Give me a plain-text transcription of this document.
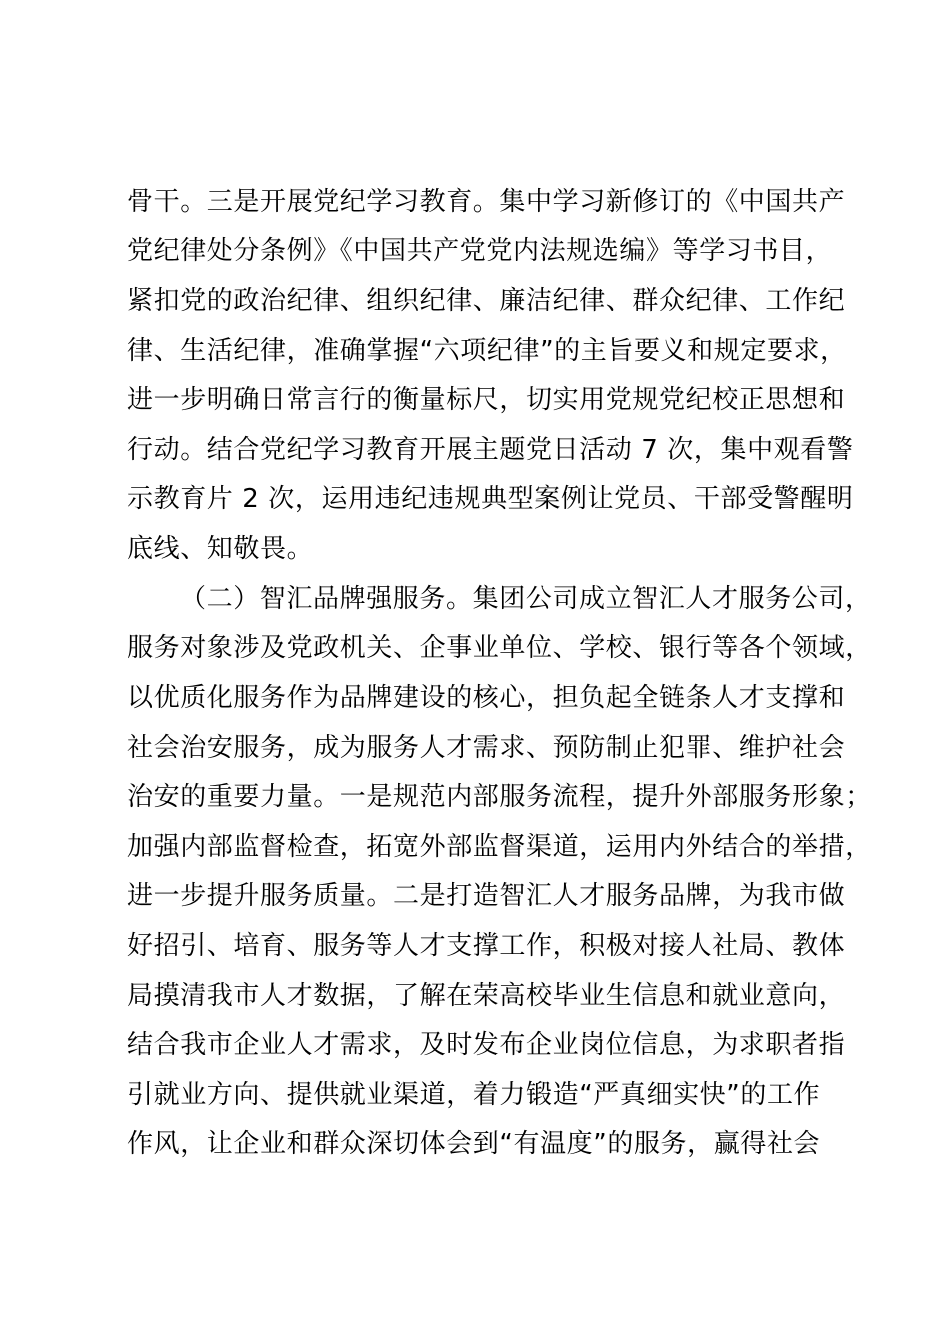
骨干。三是开展党纪学习教育。集中学习新修订的《中国共产
党纪律处分条例》《中国共产党党内法规选编》等学习书目，
紧扣党的政治纪律、组织纪律、廉洁纪律、群众纪律、工作纪
律、生活纪律，准确掌握“六项纪律”的主旨要义和规定要求，
进一步明确日常言行的衡量标尺，切实用党规党纪校正思想和
行动。结合党纪学习教育开展主题党日活动 7 次，集中观看警
示教育片 2 次，运用违纪违规典型案例让党员、干部受警醒明
底线、知敬畏。
（二）智汇品牌强服务。集团公司成立智汇人才服务公司，
服务对象涉及党政机关、企事业单位、学校、银行等各个领域，
以优质化服务作为品牌建设的核心，担负起全链条人才支撑和
社会治安服务，成为服务人才需求、预防制止犯罪、维护社会
治安的重要力量。一是规范内部服务流程，提升外部服务形象；
加强内部监督检查，拓宽外部监督渠道，运用内外结合的举措，
进一步提升服务质量。二是打造智汇人才服务品牌，为我市做
好招引、培育、服务等人才支撑工作，积极对接人社局、教体
局摸清我市人才数据，了解在荣高校毕业生信息和就业意向，
结合我市企业人才需求，及时发布企业岗位信息，为求职者指
引就业方向、提供就业渠道，着力锻造“严真细实快”的工作
作风，让企业和群众深切体会到“有温度”的服务，赢得社会
